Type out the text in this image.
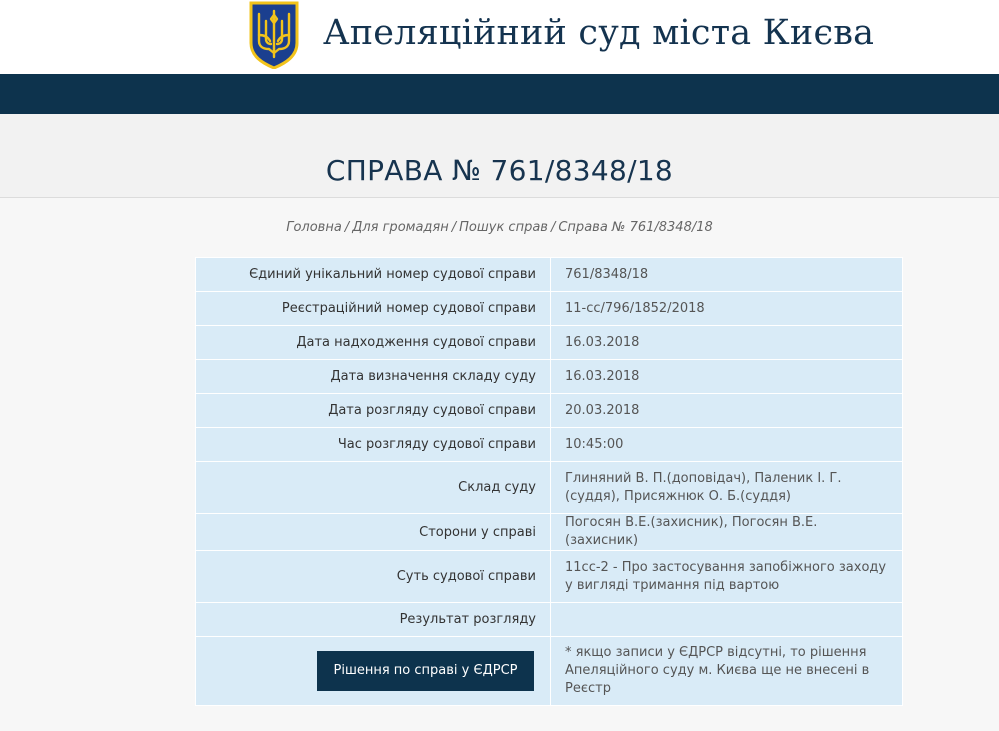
Апеляційний суд міста Києва
СПРАВА № 761/8348/18
Головна / Для громадян / Пошук справ / Справа № 761/8348/18
Єдиний унікальний номер судової справи	761/8348/18
Реєстраційний номер судової справи	11-сс/796/1852/2018
Дата надходження судової справи	16.03.2018
Дата визначення складу суду	16.03.2018
Дата розгляду судової справи	20.03.2018
Час розгляду судової справи	10:45:00
Склад суду	Глиняний В. П.(доповідач), Паленик І. Г.(суддя), Присяжнюк О. Б.(суддя)
Сторони у справі	Погосян В.Е.(захисник), Погосян В.Е.(захисник)
Суть судової справи	11сс-2 - Про застосування запобіжного заходу у вигляді тримання під вартою
Результат розгляду	
Рішення по справі у ЄДРСР	* якщо записи у ЄДРСР відсутні, то рішення Апеляційного суду м. Києва ще не внесені в Реєстр
